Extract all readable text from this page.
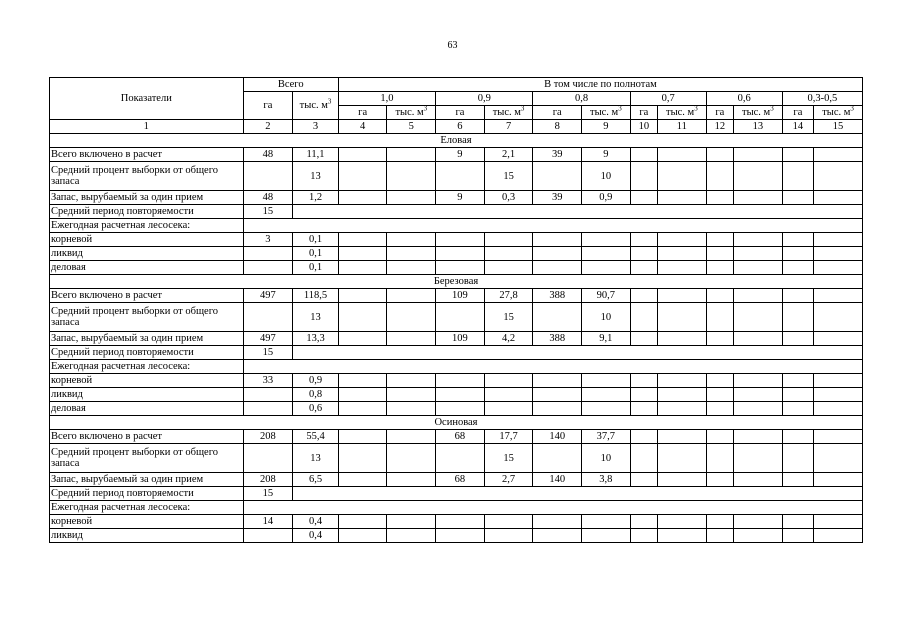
63
Показатели	Всего		В том числе по полнотам											
	га	тыс. $м^3$	1,0		0,9		0,8		0,7		0,6		0,3-0,5	
			га	тыс. $м^3$	га	тыс. $м^3$	га	тыс. $м^3$	га	тыс. $м^3$	га	тыс. $м^3$	га	тыс. $м^3$
1	2	3	4	5	6	7	8	9	10	11	12	13	14	15
Еловая														
Всего включено в расчет	48	11,1			9	2,1	39	9						
Средний процент выборки от общего запаса		13				15		10						
Запас, вырубаемый за один прием	48	1,2			9	0,3	39	0,9						
Средний период повторяемости	15													
Ежегодная расчетная лесосека:														
корневой	3	0,1												
ликвид		0,1												
деловая		0,1												
Березовая														
Всего включено в расчет	497	118,5			109	27,8	388	90,7						
Средний процент выборки от общего запаса		13				15		10						
Запас, вырубаемый за один прием	497	13,3			109	4,2	388	9,1						
Средний период повторяемости	15													
Ежегодная расчетная лесосека:														
корневой	33	0,9												
ликвид		0,8												
деловая		0,6												
Осиновая														
Всего включено в расчет	208	55,4			68	17,7	140	37,7						
Средний процент выборки от общего запаса		13				15		10						
Запас, вырубаемый за один прием	208	6,5			68	2,7	140	3,8						
Средний период повторяемости	15													
Ежегодная расчетная лесосека:														
корневой	14	0,4												
ликвид		0,4												
